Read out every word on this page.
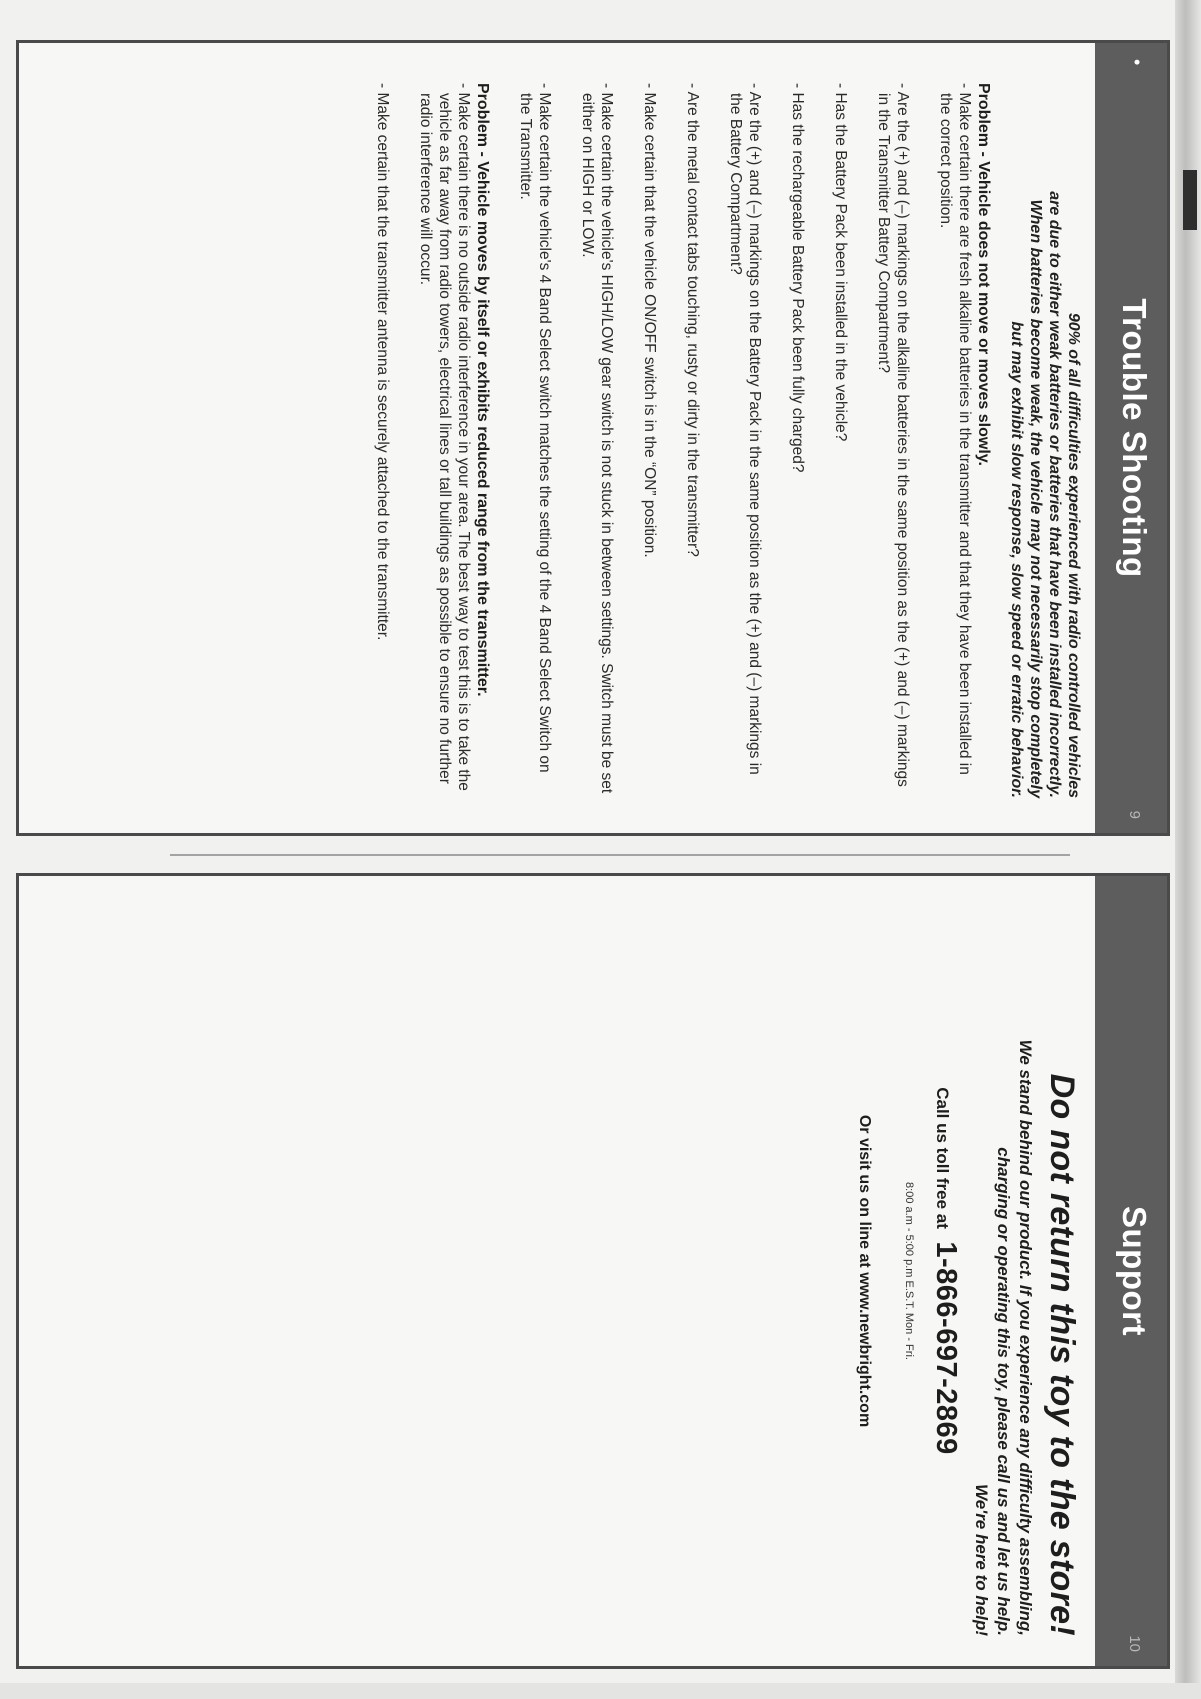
•
Trouble Shooting
9
90% of all difficulties experienced with radio controlled vehicles
are due to either weak batteries or batteries that have been installed incorrectly.
When batteries become weak, the vehicle may not necessarily stop completely
but may exhibit slow response, slow speed or erratic behavior.

Problem - Vehicle does not move or moves slowly.

- Make certain there are fresh alkaline batteries in the transmitter and that they have been installed in the correct position.

- Are the (+) and (–) markings on the alkaline batteries in the same position as the (+) and (–) markings in the Transmitter Battery Compartment?

- Has the Battery Pack been installed in the vehicle?

- Has the rechargeable Battery Pack been fully charged?

- Are the (+) and (–) markings on the Battery Pack in the same position as the (+) and (–) markings in the Battery Compartment?

- Are the metal contact tabs touching, rusty or dirty in the transmitter?

- Make certain that the vehicle ON/OFF switch is in the “ON” position.

- Make certain the vehicle's HIGH/LOW gear switch is not stuck in between settings. Switch must be set either on HIGH or LOW.

- Make certain the vehicle's 4 Band Select switch matches the setting of the 4 Band Select Switch on the Transmitter.

Problem - Vehicle moves by itself or exhibits reduced range from the transmitter.

- Make certain there is no outside radio interference in your area. The best way to test this is to take the vehicle as far away from radio towers, electrical lines or tall buildings as possible to ensure no further radio interference will occur.

- Make certain that the transmitter antenna is securely attached to the transmitter.

Support
10

Do not return this toy to the store!

We stand behind our product. If you experience any difficulty assembling,

charging or operating this toy, please call us and let us help.

We're here to help!

Call us toll free at 1-866-697-2869
8:00 a.m - 5:00 p.m E.S.T. Mon - Fri.
Or visit us on line at www.newbright.com
